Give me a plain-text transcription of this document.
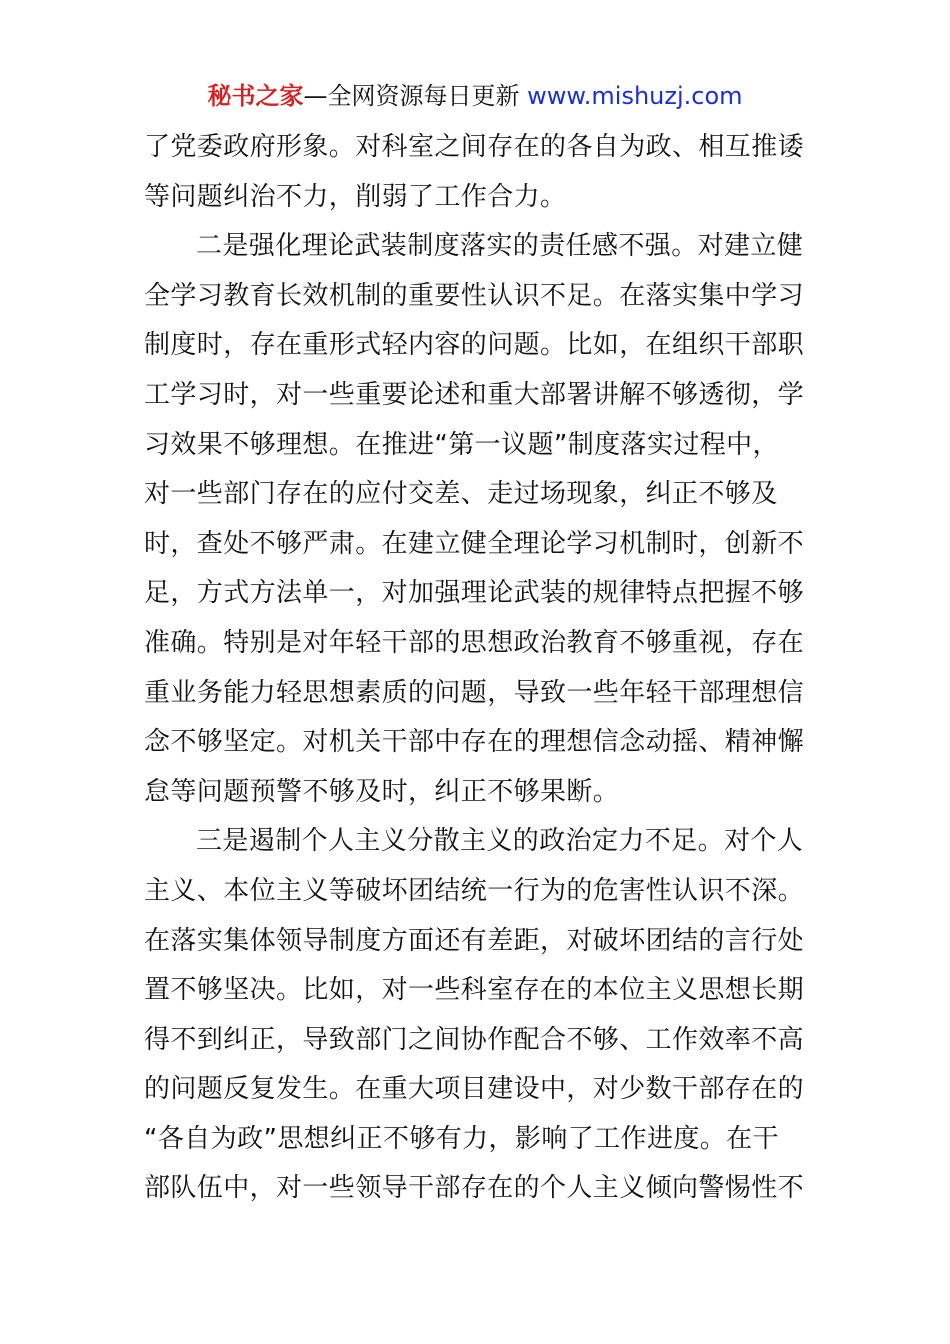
秘书之家—全网资源每日更新 www.mishuzj.com
了党委政府形象。对科室之间存在的各自为政、相互推诿
等问题纠治不力，削弱了工作合力。
二是强化理论武装制度落实的责任感不强。对建立健
全学习教育长效机制的重要性认识不足。在落实集中学习
制度时，存在重形式轻内容的问题。比如，在组织干部职
工学习时，对一些重要论述和重大部署讲解不够透彻，学
习效果不够理想。在推进“第一议题”制度落实过程中，
对一些部门存在的应付交差、走过场现象，纠正不够及
时，查处不够严肃。在建立健全理论学习机制时，创新不
足，方式方法单一，对加强理论武装的规律特点把握不够
准确。特别是对年轻干部的思想政治教育不够重视，存在
重业务能力轻思想素质的问题，导致一些年轻干部理想信
念不够坚定。对机关干部中存在的理想信念动摇、精神懈
怠等问题预警不够及时，纠正不够果断。
三是遏制个人主义分散主义的政治定力不足。对个人
主义、本位主义等破坏团结统一行为的危害性认识不深。
在落实集体领导制度方面还有差距，对破坏团结的言行处
置不够坚决。比如，对一些科室存在的本位主义思想长期
得不到纠正，导致部门之间协作配合不够、工作效率不高
的问题反复发生。在重大项目建设中，对少数干部存在的
“各自为政”思想纠正不够有力，影响了工作进度。在干
部队伍中，对一些领导干部存在的个人主义倾向警惕性不
